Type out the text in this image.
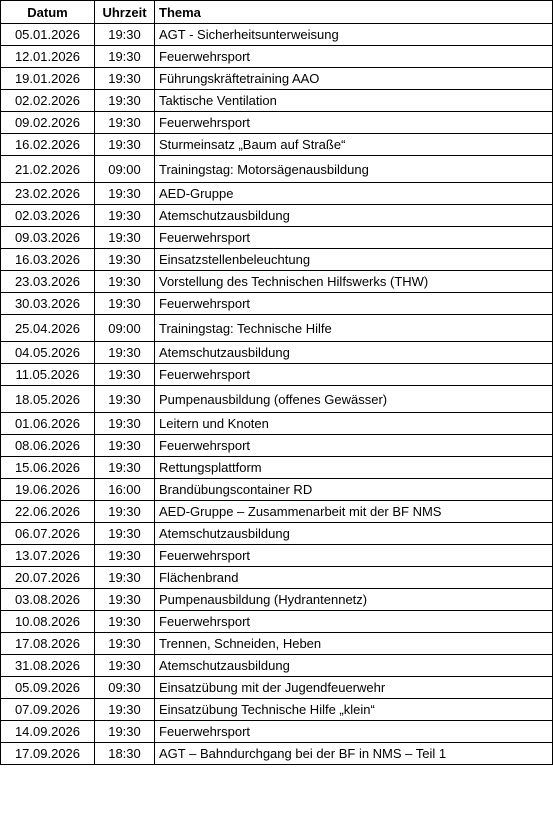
Datum	Uhrzeit	Thema
05.01.2026	19:30	AGT - Sicherheitsunterweisung
12.01.2026	19:30	Feuerwehrsport
19.01.2026	19:30	Führungskräftetraining AAO
02.02.2026	19:30	Taktische Ventilation
09.02.2026	19:30	Feuerwehrsport
16.02.2026	19:30	Sturmeinsatz „Baum auf Straße“
21.02.2026	09:00	Trainingstag: Motorsägenausbildung
23.02.2026	19:30	AED-Gruppe
02.03.2026	19:30	Atemschutzausbildung
09.03.2026	19:30	Feuerwehrsport
16.03.2026	19:30	Einsatzstellenbeleuchtung
23.03.2026	19:30	Vorstellung des Technischen Hilfswerks (THW)
30.03.2026	19:30	Feuerwehrsport
25.04.2026	09:00	Trainingstag: Technische Hilfe
04.05.2026	19:30	Atemschutzausbildung
11.05.2026	19:30	Feuerwehrsport
18.05.2026	19:30	Pumpenausbildung (offenes Gewässer)
01.06.2026	19:30	Leitern und Knoten
08.06.2026	19:30	Feuerwehrsport
15.06.2026	19:30	Rettungsplattform
19.06.2026	16:00	Brandübungscontainer RD
22.06.2026	19:30	AED-Gruppe – Zusammenarbeit mit der BF NMS
06.07.2026	19:30	Atemschutzausbildung
13.07.2026	19:30	Feuerwehrsport
20.07.2026	19:30	Flächenbrand
03.08.2026	19:30	Pumpenausbildung (Hydrantennetz)
10.08.2026	19:30	Feuerwehrsport
17.08.2026	19:30	Trennen, Schneiden, Heben
31.08.2026	19:30	Atemschutzausbildung
05.09.2026	09:30	Einsatzübung mit der Jugendfeuerwehr
07.09.2026	19:30	Einsatzübung Technische Hilfe „klein“
14.09.2026	19:30	Feuerwehrsport
17.09.2026	18:30	AGT – Bahndurchgang bei der BF in NMS – Teil 1
